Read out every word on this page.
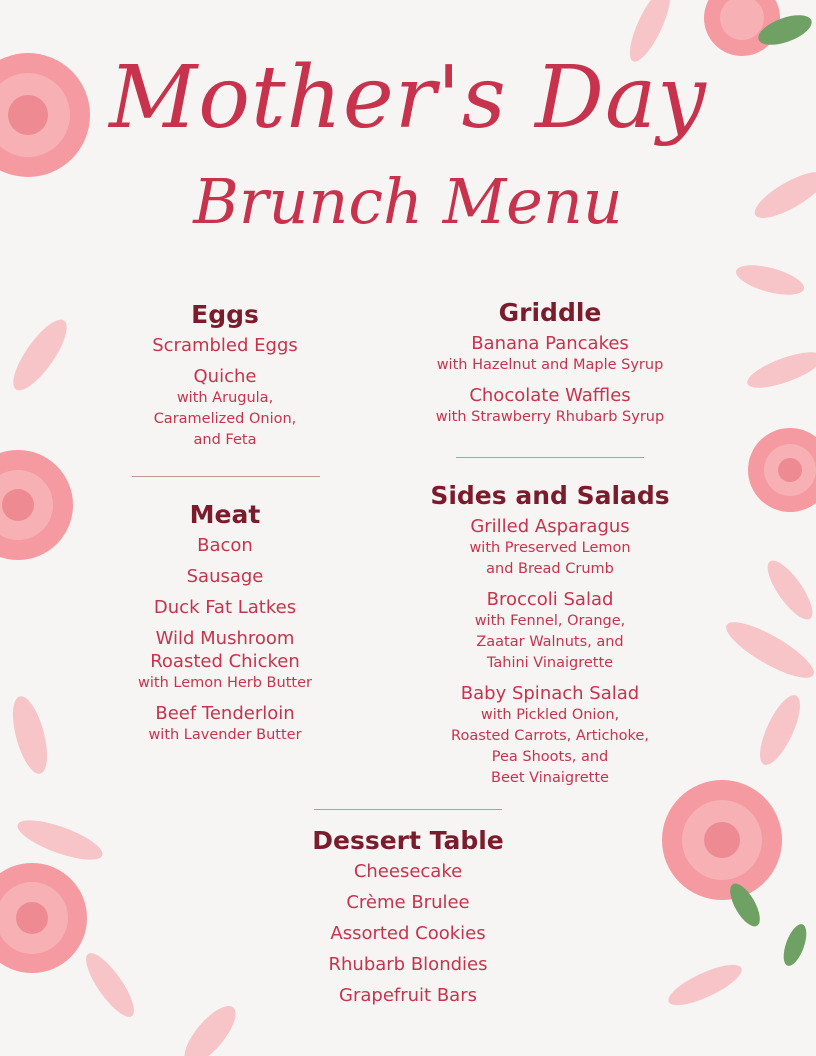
Mother's Day
Brunch Menu
Eggs
Scrambled Eggs
Quiche
with Arugula,
Caramelized Onion,
and Feta
Meat
Bacon
Sausage
Duck Fat Latkes
Wild Mushroom
Roasted Chicken
with Lemon Herb Butter
Beef Tenderloin
with Lavender Butter
Griddle
Banana Pancakes
with Hazelnut and Maple Syrup
Chocolate Waffles
with Strawberry Rhubarb Syrup
Sides and Salads
Grilled Asparagus
with Preserved Lemon
and Bread Crumb
Broccoli Salad
with Fennel, Orange,
Zaatar Walnuts, and
Tahini Vinaigrette
Baby Spinach Salad
with Pickled Onion,
Roasted Carrots, Artichoke,
Pea Shoots, and
Beet Vinaigrette
Dessert Table
Cheesecake
Crème Brulee
Assorted Cookies
Rhubarb Blondies
Grapefruit Bars
